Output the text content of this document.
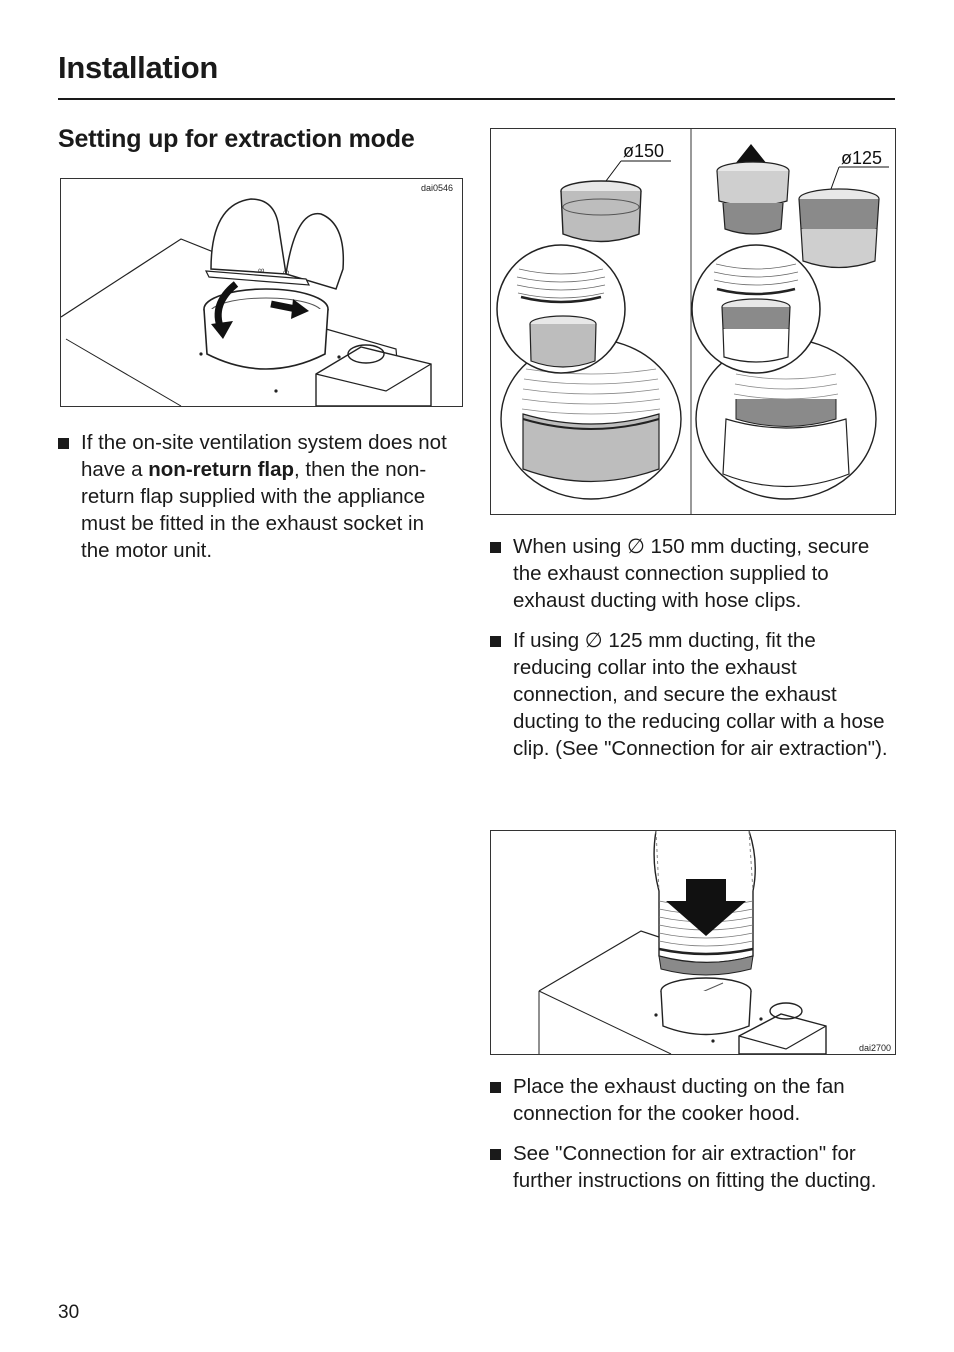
Installation
Setting up for extraction mode
∞ ∞
dai0546
If the on-site ventilation system does not have a non-return flap, then the non-return flap supplied with the appliance must be fitted in the exhaust socket in the motor unit.
ø150	ø125
When using ∅ 150 mm ducting, secure the exhaust connection supplied to exhaust ducting with hose clips.
If using ∅ 125 mm ducting, fit the reducing collar into the exhaust connection, and secure the exhaust ducting to the reducing collar with a hose clip. (See "Connection for air extraction").
dai2700
Place the exhaust ducting on the fan connection for the cooker hood.
See "Connection for air extraction" for further instructions on fitting the ducting.
30
